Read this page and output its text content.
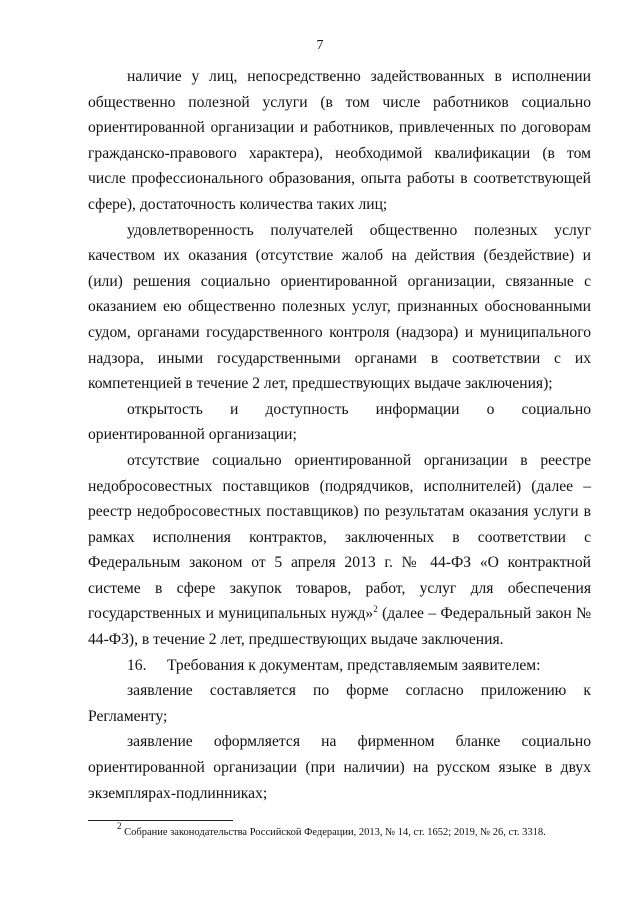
7

наличие у лиц, непосредственно задействованных в исполнении общественно полезной услуги (в том числе работников социально ориентированной организации и работников, привлеченных по договорам гражданско-правового характера), необходимой квалификации (в том числе профессионального образования, опыта работы в соответствующей сфере), достаточность количества таких лиц;

удовлетворенность получателей общественно полезных услуг качеством их оказания (отсутствие жалоб на действия (бездействие) и (или) решения социально ориентированной организации, связанные с оказанием ею общественно полезных услуг, признанных обоснованными судом, органами государственного контроля (надзора) и муниципального надзора, иными государственными органами в соответствии с их компетенцией в течение 2 лет, предшествующих выдаче заключения);

открытость и доступность информации о социально ориентированной организации;

отсутствие социально ориентированной организации в реестре недобросовестных поставщиков (подрядчиков, исполнителей) (далее – реестр недобросовестных поставщиков) по результатам оказания услуги в рамках исполнения контрактов, заключенных в соответствии с Федеральным законом от 5 апреля 2013 г. № 44-ФЗ «О контрактной системе в сфере закупок товаров, работ, услуг для обеспечения государственных и муниципальных нужд»$^2$ (далее – Федеральный закон № 44-ФЗ), в течение 2 лет, предшествующих выдаче заключения.

16. Требования к документам, представляемым заявителем:

заявление составляется по форме согласно приложению к Регламенту;

заявление оформляется на фирменном бланке социально ориентированной организации (при наличии) на русском языке в двух экземплярах-подлинниках;

$^2$ Собрание законодательства Российской Федерации, 2013, № 14, ст. 1652; 2019, № 26, ст. 3318.
